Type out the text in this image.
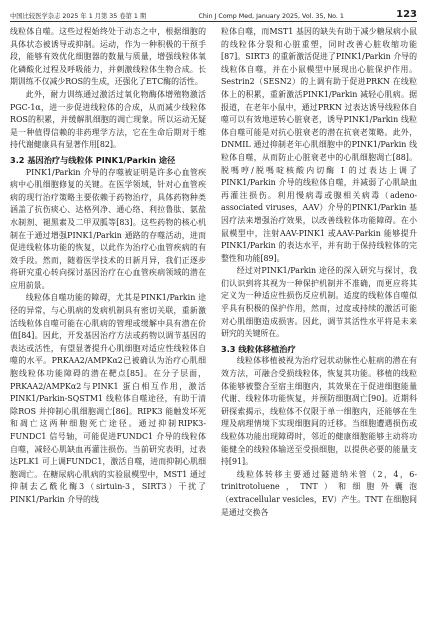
中国比较医学杂志 2025 年 1 月第 35 卷第 1 期	Chin J Comp Med, January 2025, Vol. 35, No. 1	123

线粒体自噬。这些过程始终处于动态之中，根据细胞的具体状态被诱导或抑制。运动，作为一种积极的干预手段，能够有效优化细胞器的数量与质量，增强线粒体氧化磷酸化过程及呼吸能力，并刺激线粒体生物合成。长期训练不仅减少ROS的生成，还强化了ETC酶的活性。

此外，耐力训练通过激活过氧化物酶体增殖物激活PGC-1α，进一步促进线粒体的合成，从而减少线粒体ROS的积累，并缓解肌细胞的凋亡现象。所以运动无疑是一种值得信赖的非药理学方法，它在生命后期对于维持代谢健康具有显著作用[82]。

3.2 基因治疗与线粒体 PINK1/Parkin 途径

PINK1/Parkin 介导的存噬被证明是许多心血管疾病中心肌细胞修复的关键。在医学领域，针对心血管疾病的现行治疗策略主要依赖于药物治疗，具体药物种类涵盖了抗伤痰心、达格列净、通心络、利拉鲁肽、氨盐水制剂、褪黑素及二甲双胍等[83]。这些药物的核心机制在于通过增强PINK1/Parkin 通路的存噬活动，进而促进线粒体功能的恢复，以此作为治疗心血管疾病的有效手段。然而，随着医学技术的日新月异，我们正逐步将研究重心转向探讨基因治疗在心血管疾病领域的潜在应用前景。

线粒体自噬功能的障碍，尤其是PINK1/Parkin 途径的异常，与心肌病的发病机制具有密切关联，重新激活线粒体自噬可能在心肌病的管理或缓解中具有潜在价值[84]。因此，开发基因治疗方法或药物以调节基因的表达或活性，有望显著提升心肌细胞对适应性线粒体自噬的水平。PRKAA2/AMPKα2已被确认为治疗心肌细胞线粒体功能障碍的潜在靶点[85]。在分子层面，PRKAA2/AMPKα2与PINK1 蛋白相互作用，激活PINK1/Parkin-SQSTM1 线粒体自噬途径，有助于清除ROS 并抑制心肌细胞凋亡[86]。RIPK3 能触发坏死和凋亡这两种细胞死亡途径。通过抑制RIPK3-FUNDC1 信号轴，可能促进FUNDC1 介导的线粒体自噬，减轻心肌缺血再灌注损伤。当前研究表明，过表达PLK1 可上调FUNDC1，激活自噬，进而抑制心肌细胞凋亡。在糖尿病心肌病的实验鼠模型中，MST1 通过抑制去乙酰化酶3（sirtuin-3，SIRT3）干扰了PINK1/Parkin 介导的线

粒体自噬，而MST1 基因的缺失有助于减少糖尿病小鼠的线粒体分裂和心脏重塑，同时改善心脏收缩功能[87]。SIRT3 的重新激活促进了PINK1/Parkin 介导的线粒体自噬，并在小鼠模型中展现出心脏保护作用。Sestrin2（SESN2）的上调有助于促进PRKN 在线粒体上的积累，重新激活PINK1/Parkin 减轻心肌病。据报道，在老年小鼠中，通过PRKN 过表达诱导线粒体自噬可以有效地逆转心脏衰老，诱导PINK1/Parkin 线粒体自噬可能是对抗心脏衰老的潜在抗衰老策略。此外，DNMIL 通过抑制老年心肌细胞中的PINK1/Parkin 线粒体自噬，从而防止心脏衰老中的心肌细胞凋亡[88]。脱嗎哼/脱嗎啶核酸内切酶 I 的过表达上调了PINK1/Parkin 介导的线粒体自噬，并减弱了心肌缺血再灌注损伤。利用慢病毒或腺相关病毒（adeno-associated viruses，AAV）介导的PINK1/Parkin 基因疗法来增强治疗效果，以改善线粒体功能障碍。在小鼠模型中，注射AAV-PINK1 或AAV-Parkin 能够提升PINK1/Parkin 的表达水平，并有助于保持线粒体的完整性和功能[89]。

经过对PINK1/Parkin 途径的深入研究与探讨，我们认识到将其视为一种保护机制并不准确，而更应将其定义为一种适应性损伤反应机制。适度的线粒体自噬似乎具有积极的保护作用，然而，过度或持续的激活可能对心肌细胞造成损害。因此，调节其活性水平将是未来研究的关键所在。

3.3 线粒体移植治疗

线粒体移植被视为治疗冠状动脉性心脏病的潜在有效方法，可融合受损线粒体，恢复其功能。移植的线粒体能够被整合至宿主细胞内，其效果在于促进细胞能量代谢、线粒体功能恢复，并预防细胞凋亡[90]。近期科研探索揭示，线粒体不仅限于单一细胞内，还能够在生理及病理情境下实现细胞间的迁移。当细胞遭遇损伤或线粒体功能出现障碍时，邻近的健康细胞能够主动将功能健全的线粒体输送至受损细胞，以提供必要的能量支持[91]。

线粒体转移主要通过隧道纳米管（2，4，6-trinitrotoluene，TNT）和细胞外囊泡（extracellular vesicles，EV）产生。TNT 在细胞间是通过交换各
